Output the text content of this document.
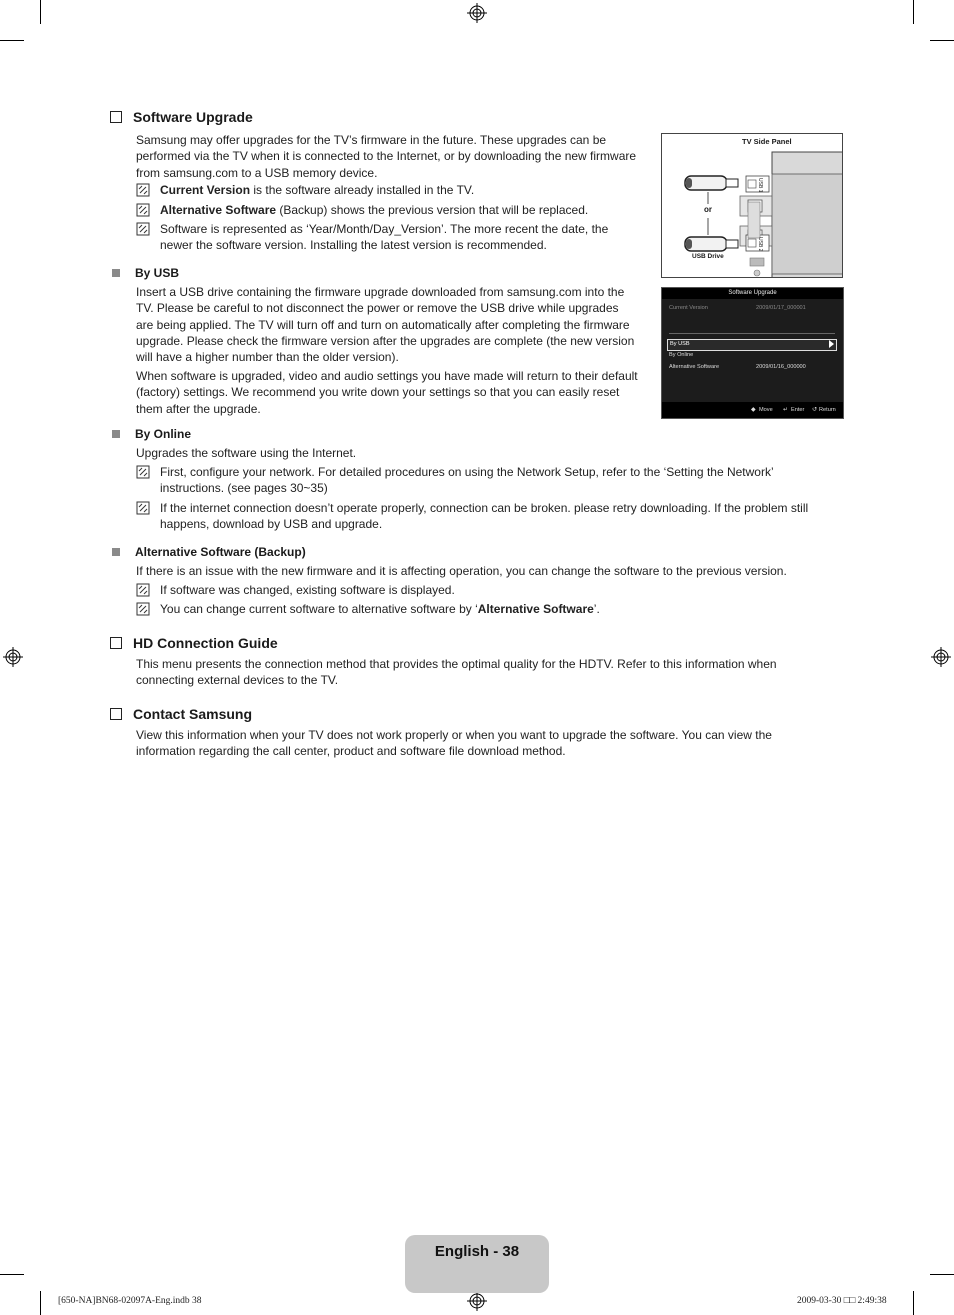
Software Upgrade
Samsung may offer upgrades for the TV’s firmware in the future. These upgrades can be
performed via the TV when it is connected to the Internet, or by downloading the new firmware
from samsung.com to a USB memory device.
Current Version is the software already installed in the TV.
Alternative Software (Backup) shows the previous version that will be replaced.
Software is represented as ‘Year/Month/Day_Version’. The more recent the date, the
newer the software version. Installing the latest version is recommended.
TV Side Panel
or
USB Drive
USB 1
USB 2
By USB
Insert a USB drive containing the firmware upgrade downloaded from samsung.com into the
TV. Please be careful to not disconnect the power or remove the USB drive while upgrades
are being applied. The TV will turn off and turn on automatically after completing the firmware
upgrade. Please check the firmware version after the upgrades are complete (the new version
will have a higher number than the older version).
When software is upgraded, video and audio settings you have made will return to their default
(factory) settings. We recommend you write down your settings so that you can easily reset
them after the upgrade.
Software Upgrade
Current Version	2009/01/17_000001
By USB
By Online
Alternative Software	2009/01/16_000000
◆ Move ↵ Enter ↺ Return
By Online
Upgrades the software using the Internet.
First, configure your network. For detailed procedures on using the Network Setup, refer to the ‘Setting the Network’
instructions. (see pages 30~35)
If the internet connection doesn’t operate properly, connection can be broken. please retry downloading. If the problem still
happens, download by USB and upgrade.
Alternative Software (Backup)
If there is an issue with the new firmware and it is affecting operation, you can change the software to the previous version.
If software was changed, existing software is displayed.
You can change current software to alternative software by ‘Alternative Software’.
HD Connection Guide
This menu presents the connection method that provides the optimal quality for the HDTV. Refer to this information when
connecting external devices to the TV.
Contact Samsung
View this information when your TV does not work properly or when you want to upgrade the software. You can view the
information regarding the call center, product and software file download method.
English - 38
[650-NA]BN68-02097A-Eng.indb 38	2009-03-30 □□ 2:49:38
